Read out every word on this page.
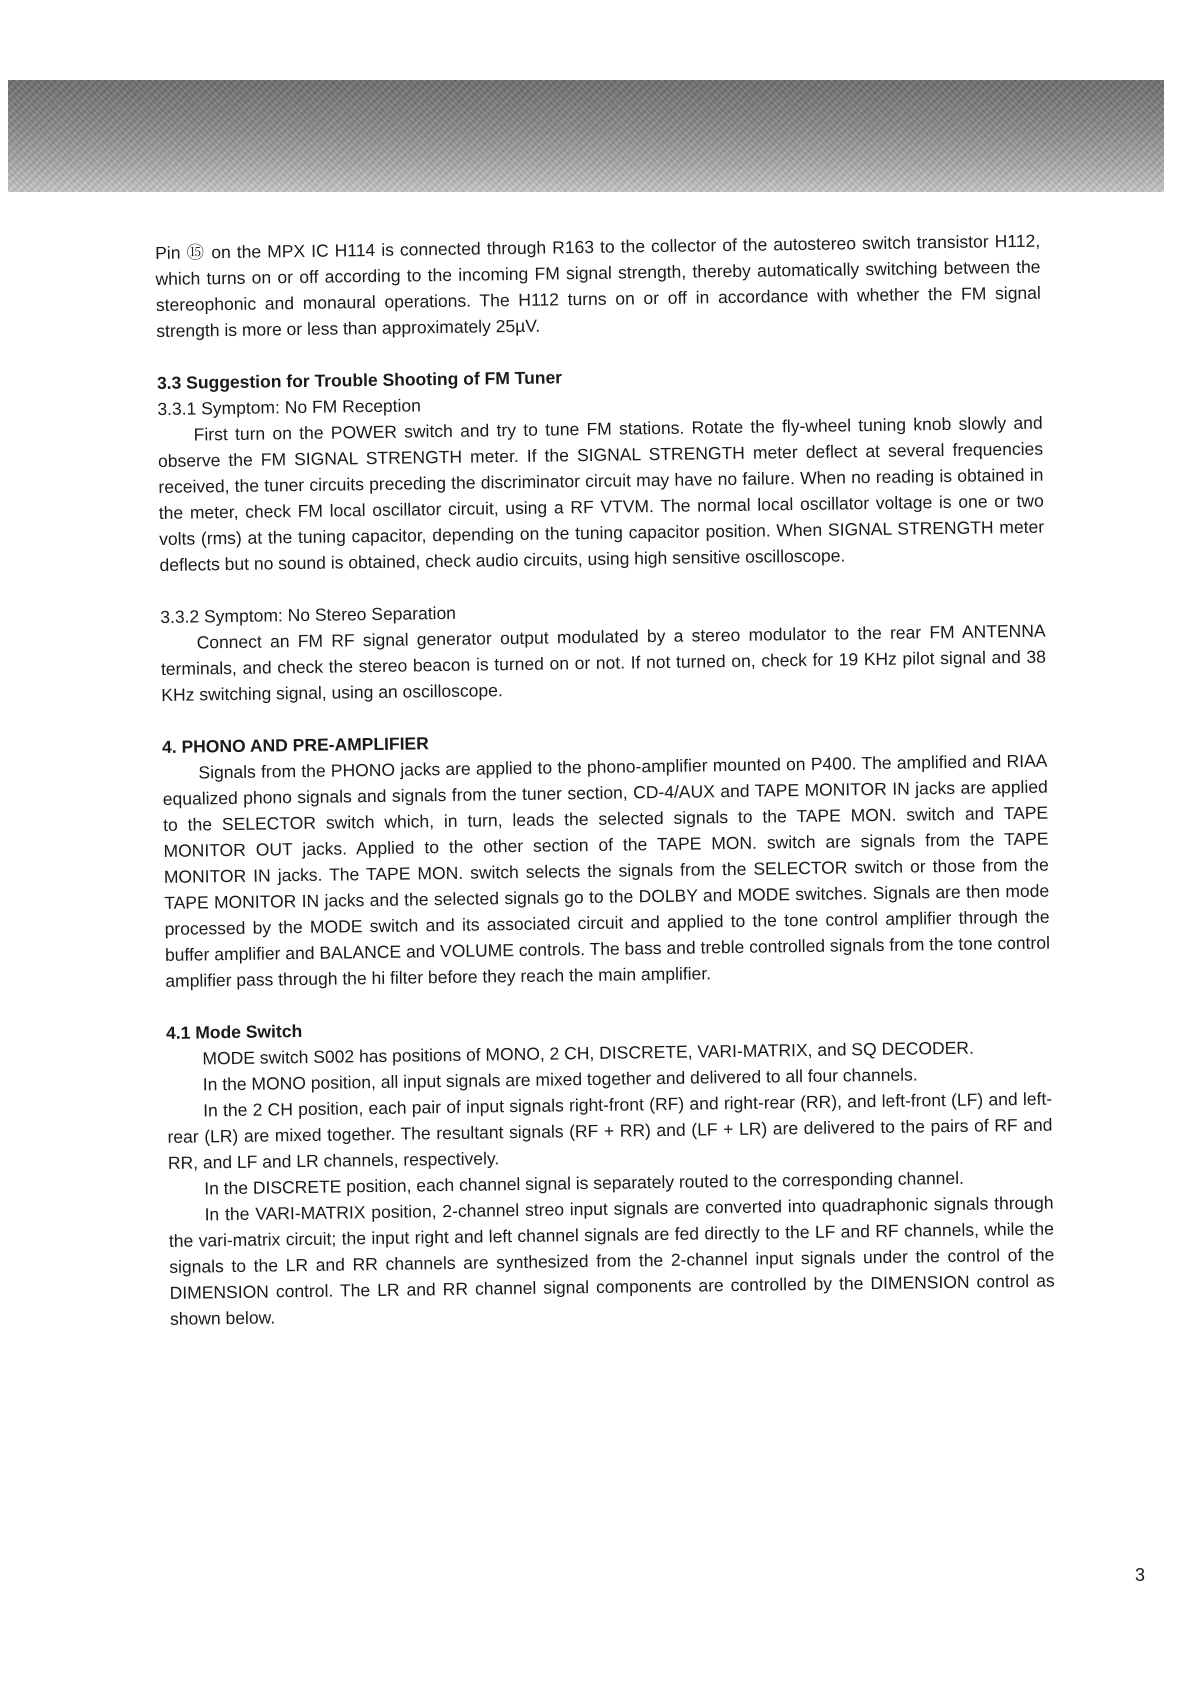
Pin ⑮ on the MPX IC H114 is connected through R163 to the collector of the autostereo switch transistor H112, which turns on or off according to the incoming FM signal strength, thereby automatically switching between the stereophonic and monaural operations. The H112 turns on or off in accordance with whether the FM signal strength is more or less than approximately 25µV.

3.3 Suggestion for Trouble Shooting of FM Tuner

3.3.1 Symptom: No FM Reception

First turn on the POWER switch and try to tune FM stations. Rotate the fly-wheel tuning knob slowly and observe the FM SIGNAL STRENGTH meter. If the SIGNAL STRENGTH meter deflect at several frequencies received, the tuner circuits preceding the discriminator circuit may have no failure. When no reading is obtained in the meter, check FM local oscillator circuit, using a RF VTVM. The normal local oscillator voltage is one or two volts (rms) at the tuning capacitor, depending on the tuning capacitor position. When SIGNAL STRENGTH meter deflects but no sound is obtained, check audio circuits, using high sensitive oscilloscope.

3.3.2 Symptom: No Stereo Separation

Connect an FM RF signal generator output modulated by a stereo modulator to the rear FM ANTENNA terminals, and check the stereo beacon is turned on or not. If not turned on, check for 19 KHz pilot signal and 38 KHz switching signal, using an oscilloscope.

4. PHONO AND PRE-AMPLIFIER

Signals from the PHONO jacks are applied to the phono-amplifier mounted on P400. The amplified and RIAA equalized phono signals and signals from the tuner section, CD-4/AUX and TAPE MONITOR IN jacks are applied to the SELECTOR switch which, in turn, leads the selected signals to the TAPE MON. switch and TAPE MONITOR OUT jacks. Applied to the other section of the TAPE MON. switch are signals from the TAPE MONITOR IN jacks. The TAPE MON. switch selects the signals from the SELECTOR switch or those from the TAPE MONITOR IN jacks and the selected signals go to the DOLBY and MODE switches. Signals are then mode processed by the MODE switch and its associated circuit and applied to the tone control amplifier through the buffer amplifier and BALANCE and VOLUME controls. The bass and treble controlled signals from the tone control amplifier pass through the hi filter before they reach the main amplifier.

4.1 Mode Switch

MODE switch S002 has positions of MONO, 2 CH, DISCRETE, VARI-MATRIX, and SQ DECODER.

In the MONO position, all input signals are mixed together and delivered to all four channels.

In the 2 CH position, each pair of input signals right-front (RF) and right-rear (RR), and left-front (LF) and left-rear (LR) are mixed together. The resultant signals (RF + RR) and (LF + LR) are delivered to the pairs of RF and RR, and LF and LR channels, respectively.

In the DISCRETE position, each channel signal is separately routed to the corresponding channel.

In the VARI-MATRIX position, 2-channel streo input signals are converted into quadraphonic signals through the vari-matrix circuit; the input right and left channel signals are fed directly to the LF and RF channels, while the signals to the LR and RR channels are synthesized from the 2-channel input signals under the control of the DIMENSION control. The LR and RR channel signal components are controlled by the DIMENSION control as shown below.

3
